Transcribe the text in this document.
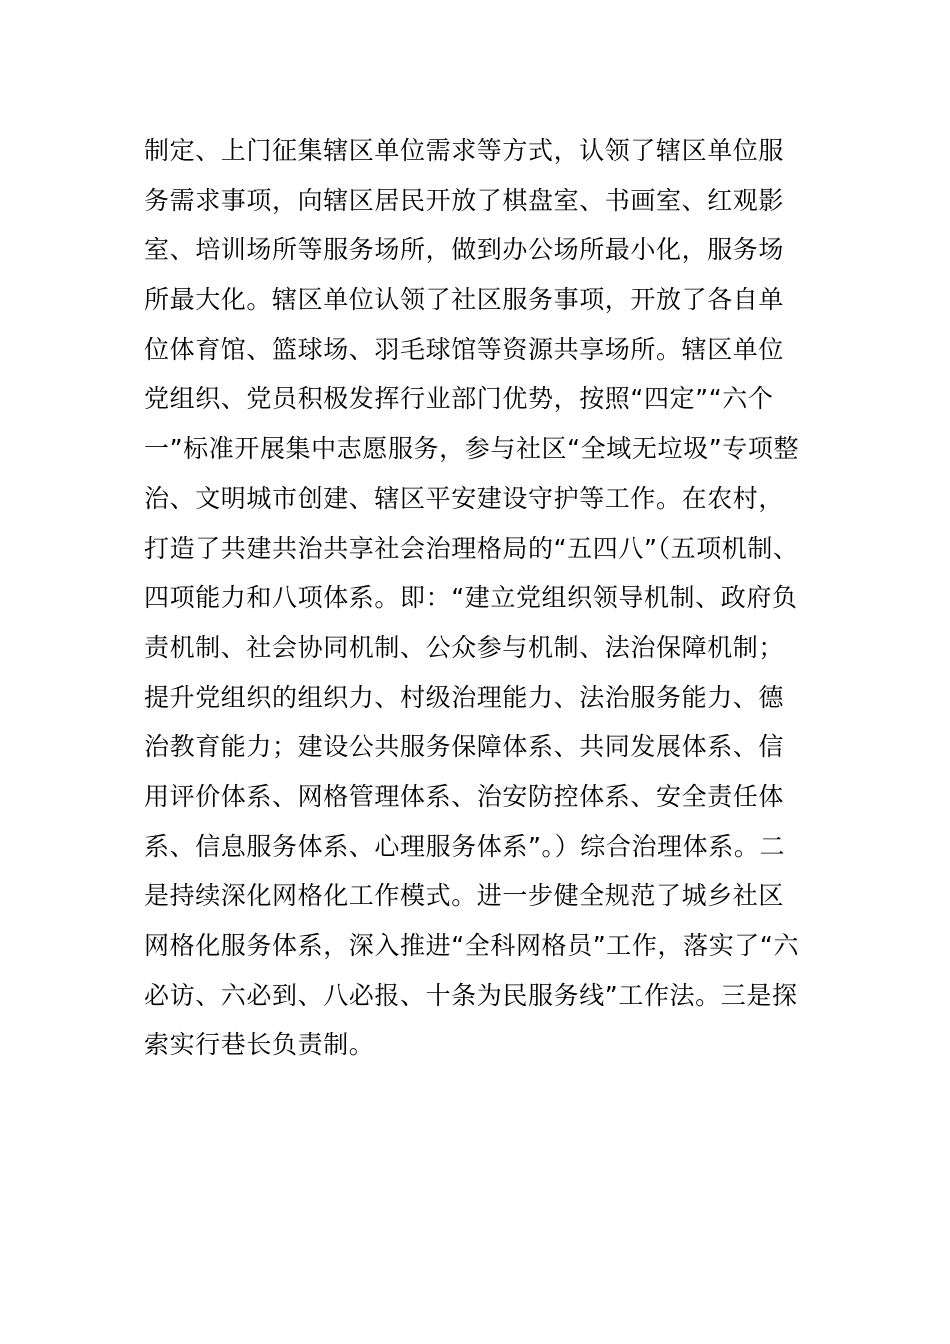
制定、上门征集辖区单位需求等方式，认领了辖区单位服
务需求事项，向辖区居民开放了棋盘室、书画室、红观影
室、培训场所等服务场所，做到办公场所最小化，服务场
所最大化。辖区单位认领了社区服务事项，开放了各自单
位体育馆、篮球场、羽毛球馆等资源共享场所。辖区单位
党组织、党员积极发挥行业部门优势，按照“四定”“六个
一”标准开展集中志愿服务，参与社区“全域无垃圾”专项整
治、文明城市创建、辖区平安建设守护等工作。在农村，
打造了共建共治共享社会治理格局的“五四八”（五项机制、
四项能力和八项体系。即：“建立党组织领导机制、政府负
责机制、社会协同机制、公众参与机制、法治保障机制；
提升党组织的组织力、村级治理能力、法治服务能力、德
治教育能力；建设公共服务保障体系、共同发展体系、信
用评价体系、网格管理体系、治安防控体系、安全责任体
系、信息服务体系、心理服务体系”。）综合治理体系。二
是持续深化网格化工作模式。进一步健全规范了城乡社区
网格化服务体系，深入推进“全科网格员”工作，落实了“六
必访、六必到、八必报、十条为民服务线”工作法。三是探
索实行巷长负责制。
